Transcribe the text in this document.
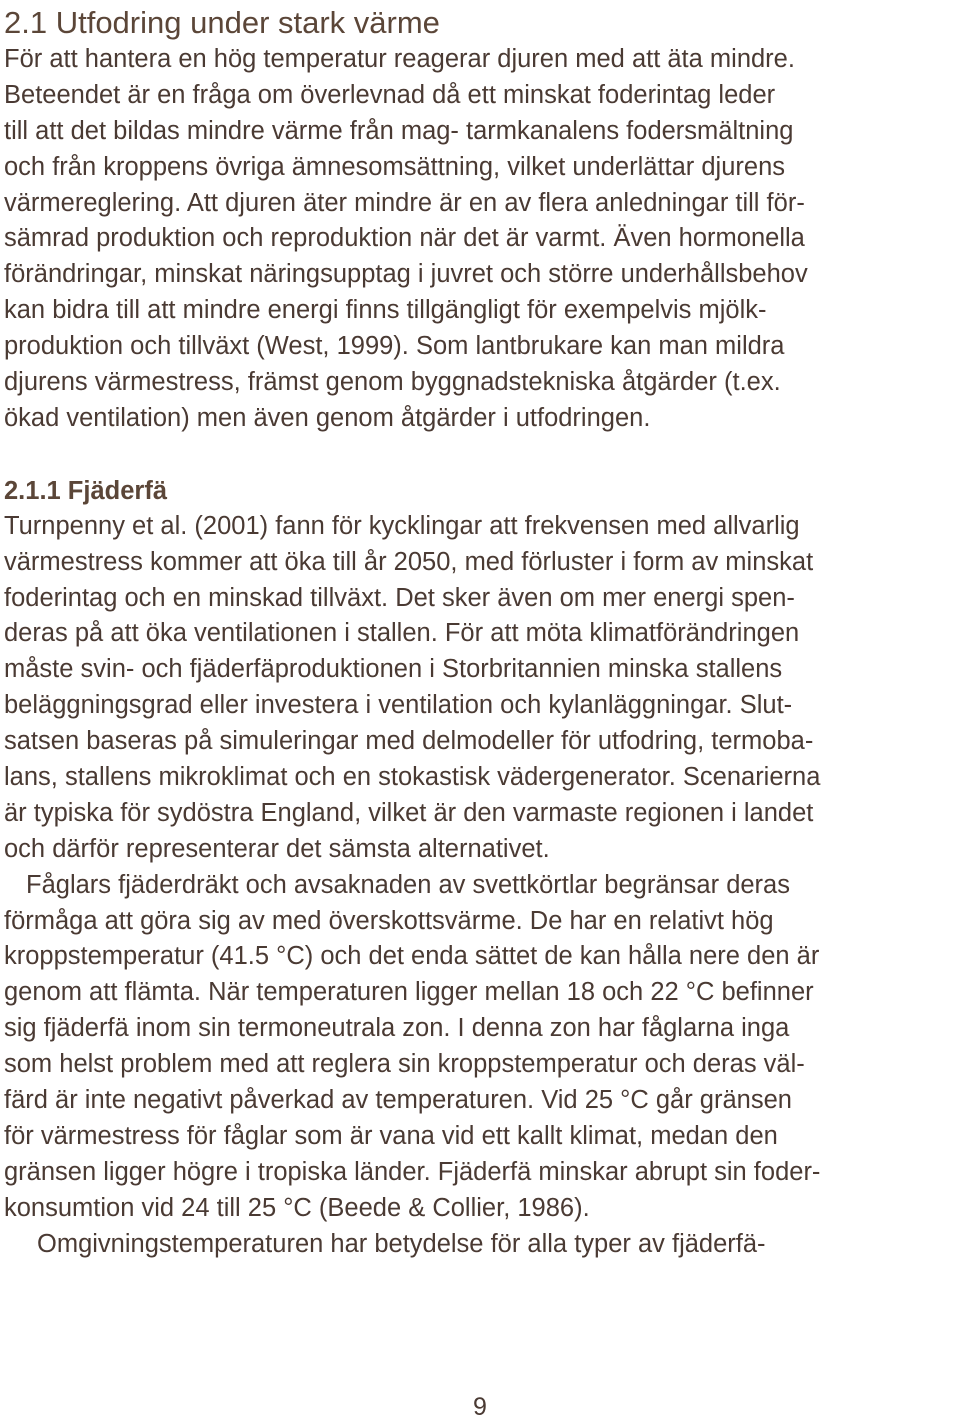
2.1 Utfodring under stark värme
För att hantera en hög temperatur reagerar djuren med att äta mindre.
Beteendet är en fråga om överlevnad då ett minskat foderintag leder
till att det bildas mindre värme från mag- tarmkanalens fodersmältning
och från kroppens övriga ämnesomsättning, vilket underlättar djurens
värmereglering. Att djuren äter mindre är en av flera anledningar till för-
sämrad produktion och reproduktion när det är varmt. Även hormonella
förändringar, minskat näringsupptag i juvret och större underhållsbehov
kan bidra till att mindre energi finns tillgängligt för exempelvis mjölk-
produktion och tillväxt (West, 1999). Som lantbrukare kan man mildra
djurens värmestress, främst genom byggnadstekniska åtgärder (t.ex.
ökad ventilation) men även genom åtgärder i utfodringen.
2.1.1 Fjäderfä
Turnpenny et al. (2001) fann för kycklingar att frekvensen med allvarlig
värmestress kommer att öka till år 2050, med förluster i form av minskat
foderintag och en minskad tillväxt. Det sker även om mer energi spen-
deras på att öka ventilationen i stallen. För att möta klimatförändringen
måste svin- och fjäderfäproduktionen i Storbritannien minska stallens
beläggningsgrad eller investera i ventilation och kylanläggningar. Slut-
satsen baseras på simuleringar med delmodeller för utfodring, termoba-
lans, stallens mikroklimat och en stokastisk vädergenerator. Scenarierna
är typiska för sydöstra England, vilket är den varmaste regionen i landet
och därför representerar det sämsta alternativet.
Fåglars fjäderdräkt och avsaknaden av svettkörtlar begränsar deras
förmåga att göra sig av med överskottsvärme. De har en relativt hög
kroppstemperatur (41.5 °C) och det enda sättet de kan hålla nere den är
genom att flämta. När temperaturen ligger mellan 18 och 22 °C befinner
sig fjäderfä inom sin termoneutrala zon. I denna zon har fåglarna inga
som helst problem med att reglera sin kroppstemperatur och deras väl-
färd är inte negativt påverkad av temperaturen. Vid 25 °C går gränsen
för värmestress för fåglar som är vana vid ett kallt klimat, medan den
gränsen ligger högre i tropiska länder. Fjäderfä minskar abrupt sin foder-
konsumtion vid 24 till 25 °C (Beede & Collier, 1986).
Omgivningstemperaturen har betydelse för alla typer av fjäderfä-
9
